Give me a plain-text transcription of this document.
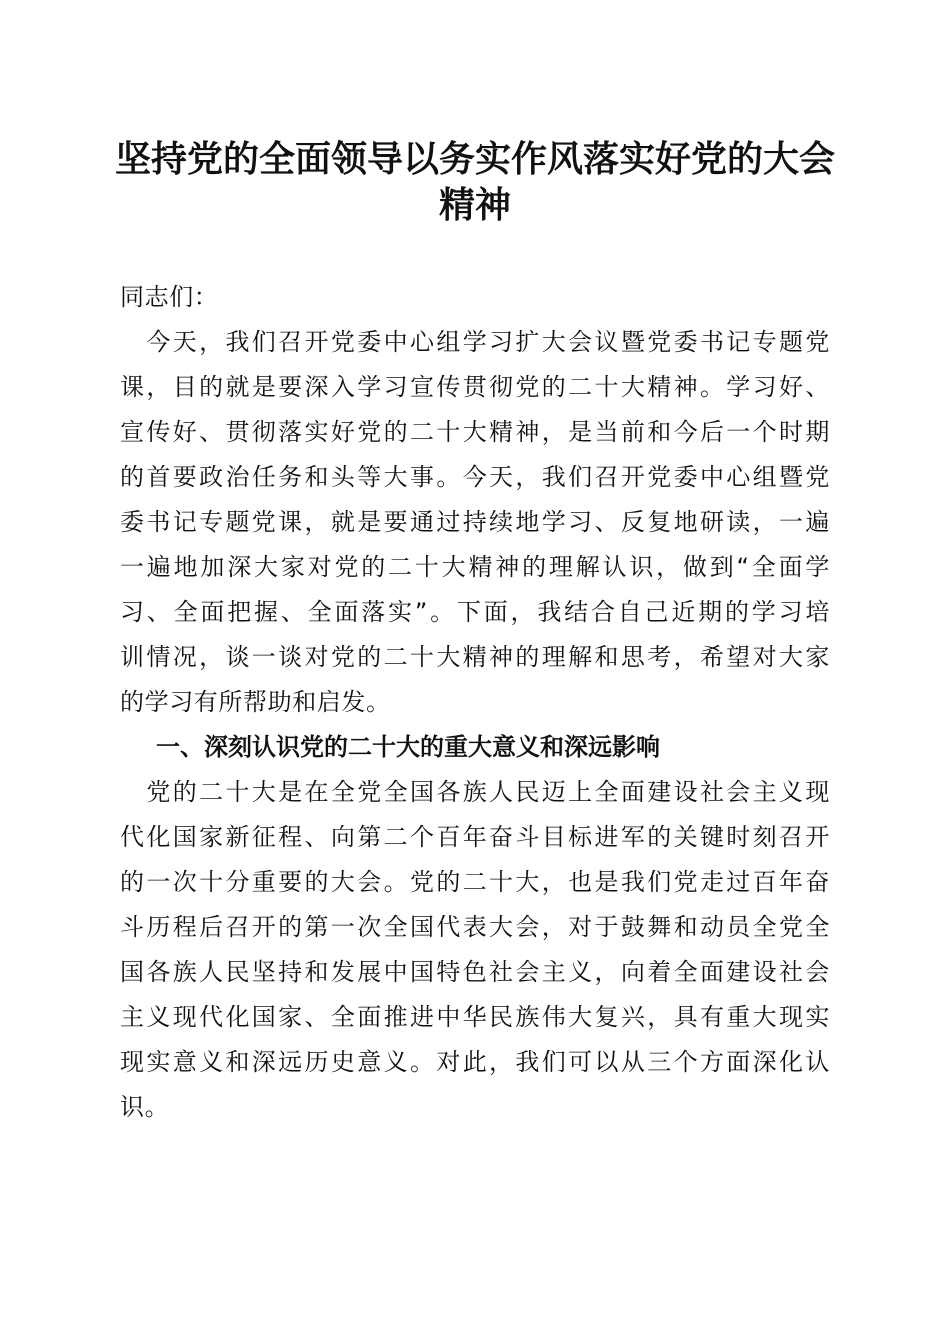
坚持党的全面领导以务实作风落实好党的大会
精神

同志们：

　今天，我们召开党委中心组学习扩大会议暨党委书记专题党

课，目的就是要深入学习宣传贯彻党的二十大精神。学习好、

宣传好、贯彻落实好党的二十大精神，是当前和今后一个时期

的首要政治任务和头等大事。今天，我们召开党委中心组暨党

委书记专题党课，就是要通过持续地学习、反复地研读，一遍

一遍地加深大家对党的二十大精神的理解认识，做到“全面学

习、全面把握、全面落实”。下面，我结合自己近期的学习培

训情况，谈一谈对党的二十大精神的理解和思考，希望对大家

的学习有所帮助和启发。

一、深刻认识党的二十大的重大意义和深远影响

　党的二十大是在全党全国各族人民迈上全面建设社会主义现

代化国家新征程、向第二个百年奋斗目标进军的关键时刻召开

的一次十分重要的大会。党的二十大，也是我们党走过百年奋

斗历程后召开的第一次全国代表大会，对于鼓舞和动员全党全

国各族人民坚持和发展中国特色社会主义，向着全面建设社会

主义现代化国家、全面推进中华民族伟大复兴，具有重大现实

现实意义和深远历史意义。对此，我们可以从三个方面深化认

识。
